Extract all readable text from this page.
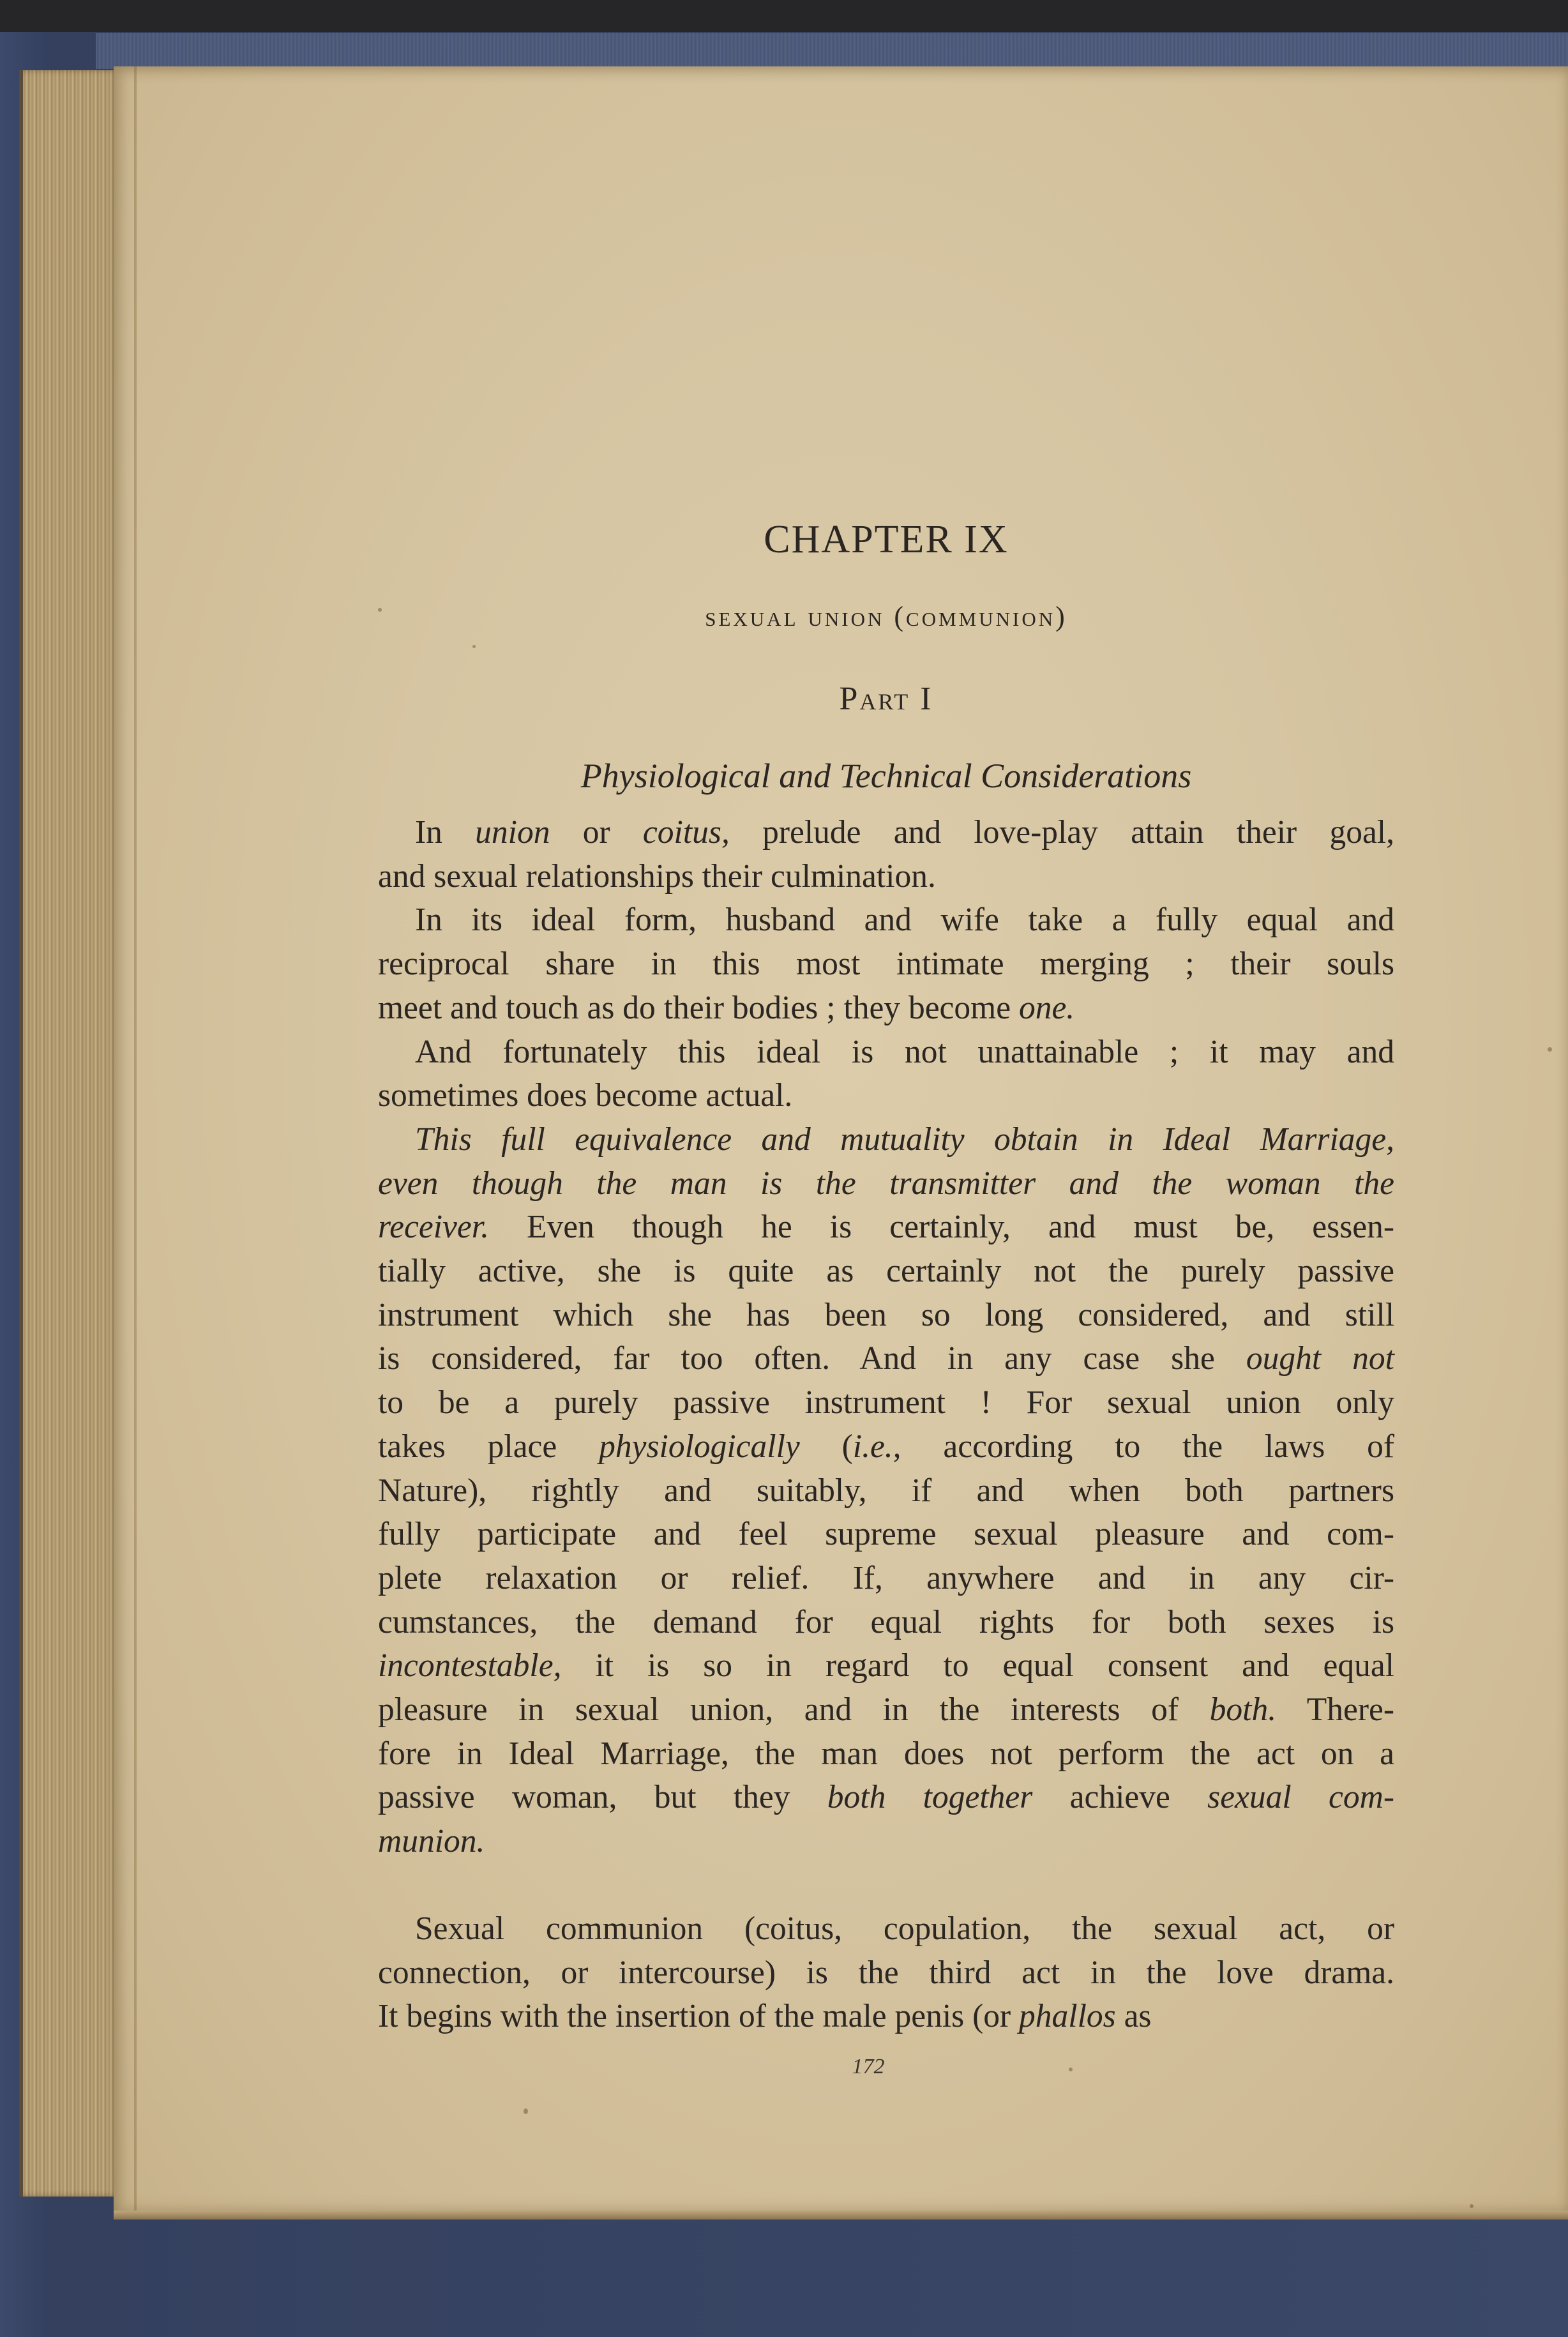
CHAPTER IX
sexual union (communion)
Part I
Physiological and Technical Considerations
In union or coitus, prelude and love-play attain their goal,
and sexual relationships their culmination.
In its ideal form, husband and wife take a fully equal and
reciprocal share in this most intimate merging ; their souls
meet and touch as do their bodies ; they become one.
And fortunately this ideal is not unattainable ; it may and
sometimes does become actual.
This full equivalence and mutuality obtain in Ideal Marriage,
even though the man is the transmitter and the woman the
receiver. Even though he is certainly, and must be, essen-
tially active, she is quite as certainly not the purely passive
instrument which she has been so long considered, and still
is considered, far too often. And in any case she ought not
to be a purely passive instrument ! For sexual union only
takes place physiologically (i.e., according to the laws of
Nature), rightly and suitably, if and when both partners
fully participate and feel supreme sexual pleasure and com-
plete relaxation or relief. If, anywhere and in any cir-
cumstances, the demand for equal rights for both sexes is
incontestable, it is so in regard to equal consent and equal
pleasure in sexual union, and in the interests of both. There-
fore in Ideal Marriage, the man does not perform the act on a
passive woman, but they both together achieve sexual com-
munion.
Sexual communion (coitus, copulation, the sexual act, or
connection, or intercourse) is the third act in the love drama.
It begins with the insertion of the male penis (or phallos as
172
